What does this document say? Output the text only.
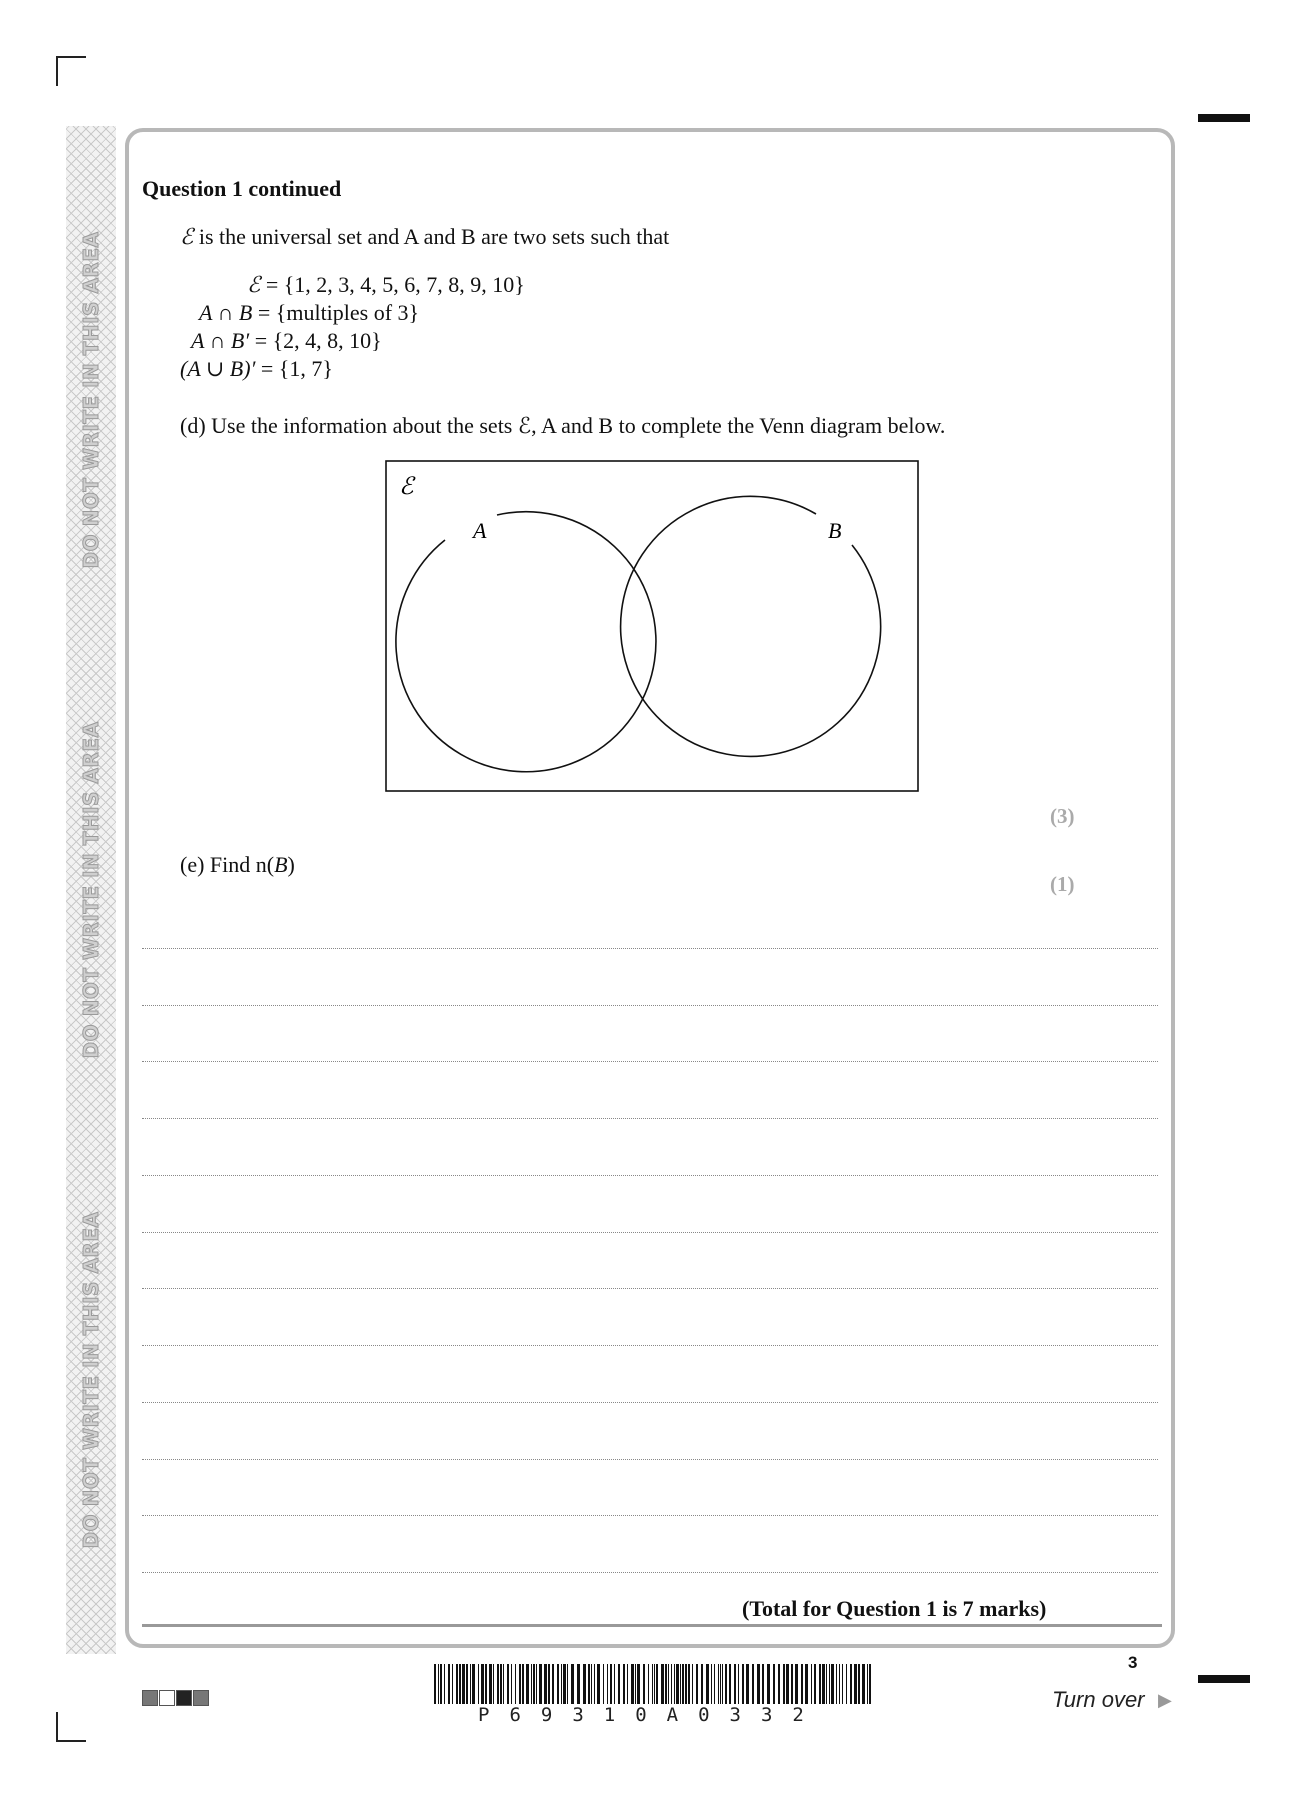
DO NOT WRITE IN THIS AREA
DO NOT WRITE IN THIS AREA
DO NOT WRITE IN THIS AREA
Question 1 continued
ℰ is the universal set and A and B are two sets such that
ℰ = {1, 2, 3, 4, 5, 6, 7, 8, 9, 10}
A ∩ B = {multiples of 3}
A ∩ B′ = {2, 4, 8, 10}
(A ∪ B)′ = {1, 7}
(d) Use the information about the sets ℰ, A and B to complete the Venn diagram below.
ℰ
A	B
(3)
(e) Find n(B)
(1)
(Total for Question 1 is 7 marks)
P69310A0332
3
Turn over ▶
